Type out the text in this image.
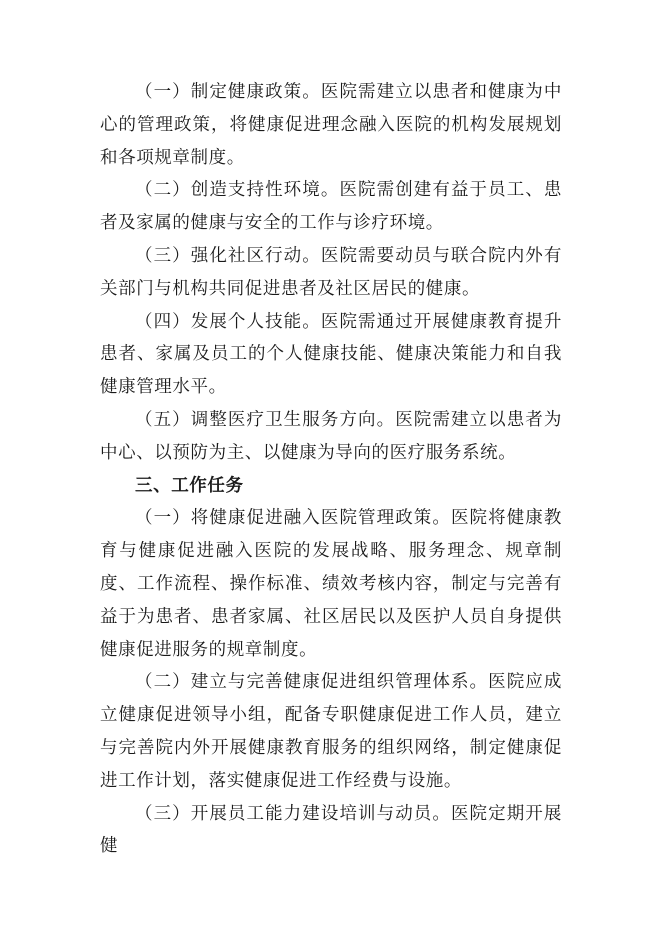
（一）制定健康政策。医院需建立以患者和健康为中心的管理政策，将健康促进理念融入医院的机构发展规划和各项规章制度。

（二）创造支持性环境。医院需创建有益于员工、患者及家属的健康与安全的工作与诊疗环境。

（三）强化社区行动。医院需要动员与联合院内外有关部门与机构共同促进患者及社区居民的健康。

（四）发展个人技能。医院需通过开展健康教育提升患者、家属及员工的个人健康技能、健康决策能力和自我健康管理水平。

（五）调整医疗卫生服务方向。医院需建立以患者为中心、以预防为主、以健康为导向的医疗服务系统。

三、工作任务

（一）将健康促进融入医院管理政策。医院将健康教育与健康促进融入医院的发展战略、服务理念、规章制度、工作流程、操作标准、绩效考核内容，制定与完善有益于为患者、患者家属、社区居民以及医护人员自身提供健康促进服务的规章制度。

（二）建立与完善健康促进组织管理体系。医院应成立健康促进领导小组，配备专职健康促进工作人员，建立与完善院内外开展健康教育服务的组织网络，制定健康促进工作计划，落实健康促进工作经费与设施。

（三）开展员工能力建设培训与动员。医院定期开展健
